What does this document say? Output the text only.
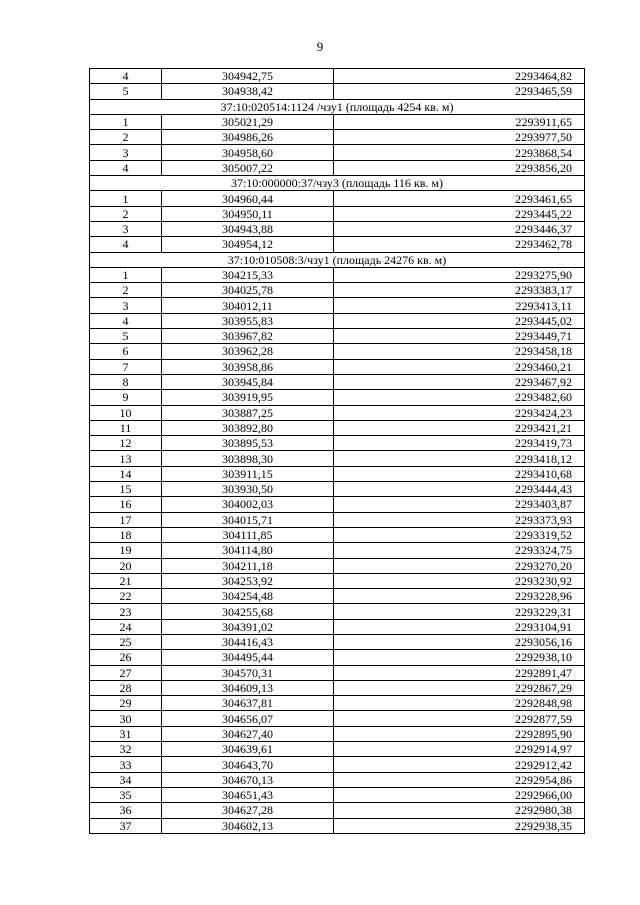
9
4	304942,75	2293464,82
5	304938,42	2293465,59
37:10:020514:1124 /чзу1 (площадь 4254 кв. м)		
1	305021,29	2293911,65
2	304986,26	2293977,50
3	304958,60	2293868,54
4	305007,22	2293856,20
37:10:000000:37/чзу3 (площадь 116 кв. м)		
1	304960,44	2293461,65
2	304950,11	2293445,22
3	304943,88	2293446,37
4	304954,12	2293462,78
37:10:010508:3/чзу1 (площадь 24276 кв. м)		
1	304215,33	2293275,90
2	304025,78	2293383,17
3	304012,11	2293413,11
4	303955,83	2293445,02
5	303967,82	2293449,71
6	303962,28	2293458,18
7	303958,86	2293460,21
8	303945,84	2293467,92
9	303919,95	2293482,60
10	303887,25	2293424,23
11	303892,80	2293421,21
12	303895,53	2293419,73
13	303898,30	2293418,12
14	303911,15	2293410,68
15	303930,50	2293444,43
16	304002,03	2293403,87
17	304015,71	2293373,93
18	304111,85	2293319,52
19	304114,80	2293324,75
20	304211,18	2293270,20
21	304253,92	2293230,92
22	304254,48	2293228,96
23	304255,68	2293229,31
24	304391,02	2293104,91
25	304416,43	2293056,16
26	304495,44	2292938,10
27	304570,31	2292891,47
28	304609,13	2292867,29
29	304637,81	2292848,98
30	304656,07	2292877,59
31	304627,40	2292895,90
32	304639,61	2292914,97
33	304643,70	2292912,42
34	304670,13	2292954,86
35	304651,43	2292966,00
36	304627,28	2292980,38
37	304602,13	2292938,35
